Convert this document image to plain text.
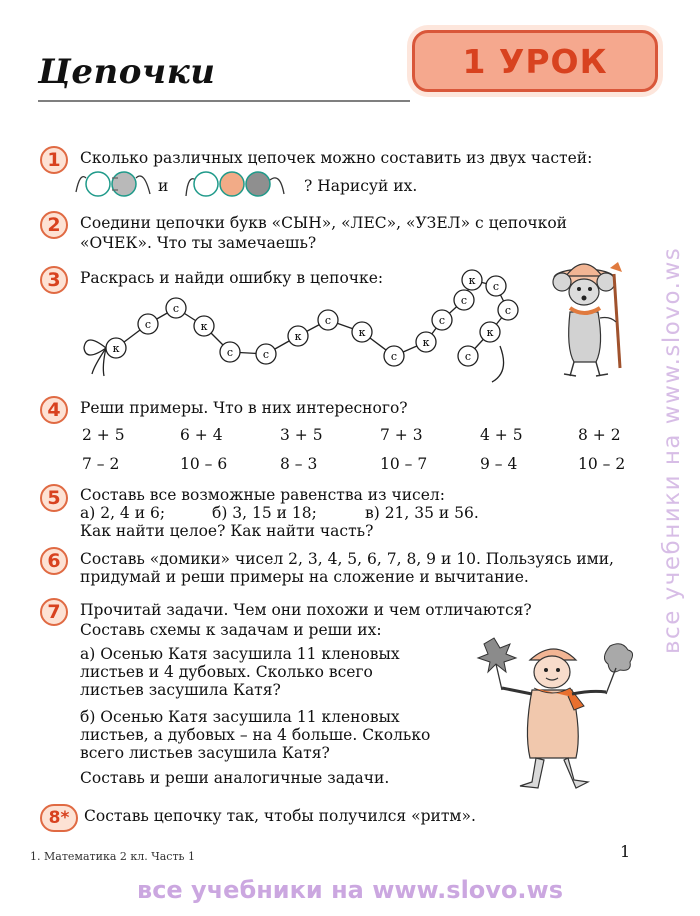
Цепочки	1 УРОК
все учебники на www.slovo.ws
1	Сколько различных цепочек можно составить из двух частей:
и	? Нарисуй их.
2	Соедини цепочки букв «СЫН», «ЛЕС», «УЗЕЛ» с цепочкой
«ОЧЕК». Что ты замечаешь?
3	Раскрась и найди ошибку в цепочке:
к
с
с
к
с	с
к
с
к
с
к
с
с
к с
с
к
с
4	Реши примеры. Что в них интересного?
2 + 5	6 + 4	3 + 5	7 + 3	4 + 5	8 + 2
7 – 2	10 – 6	8 – 3	10 – 7	9 – 4	10 – 2
5	Составь все возможные равенства из чисел:
а) 2, 4 и 6;	б) 3, 15 и 18;	в) 21, 35 и 56.
Как найти целое? Как найти часть?
6	Составь «домики» чисел 2, 3, 4, 5, 6, 7, 8, 9 и 10. Пользуясь ими,
придумай и реши примеры на сложение и вычитание.
7	Прочитай задачи. Чем они похожи и чем отличаются?
Составь схемы к задачам и реши их:
а) Осенью Катя засушила 11 кленовых
листьев и 4 дубовых. Сколько всего
листьев засушила Катя?
б) Осенью Катя засушила 11 кленовых
листьев, а дубовых – на 4 больше. Сколько
всего листьев засушила Катя?
Составь и реши аналогичные задачи.
8* Составь цепочку так, чтобы получился «ритм».
1. Математика 2 кл. Часть 1	1
все учебники на www.slovo.ws
